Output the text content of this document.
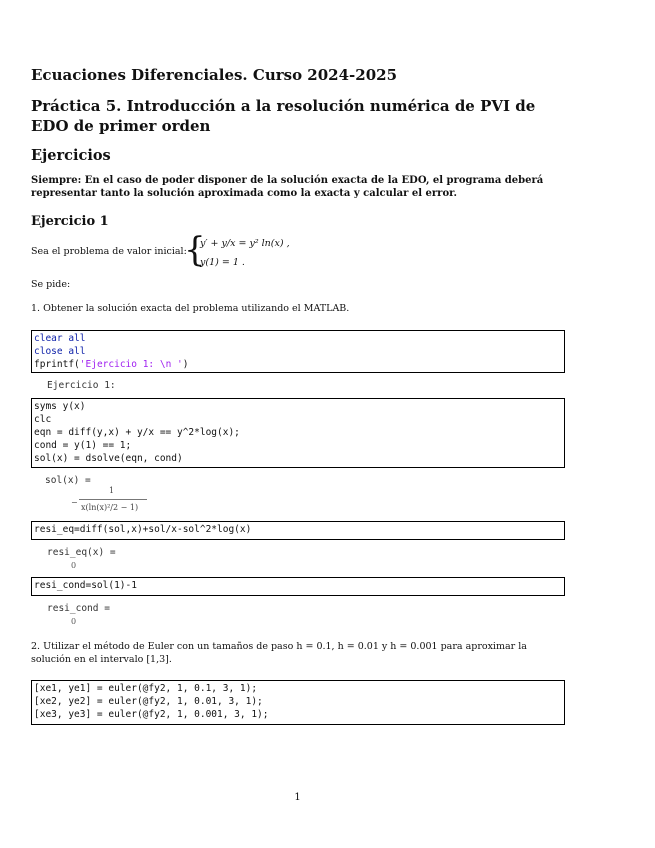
Ecuaciones Diferenciales. Curso 2024-2025
Práctica 5. Introducción a la resolución numérica de PVI de EDO de primer orden
Ejercicios
Siempre: En el caso de poder disponer de la solución exacta de la EDO, el programa deberá representar tanto la solución aproximada como la exacta y calcular el error.
Ejercicio 1
Sea el problema de valor inicial:
{
y′ + y/x = y² ln(x) ,
y(1) = 1 .
Se pide:
1. Obtener la solución exacta del problema utilizando el MATLAB.
clear all
close all
fprintf('Ejercicio 1: \n ')
Ejercicio 1:
syms y(x)
clc
eqn = diff(y,x) + y/x == y^2*log(x);
cond = y(1) == 1;
sol(x) = dsolve(eqn, cond)
sol(x) =
−
1
x(ln(x)²/2 − 1)
resi_eq=diff(sol,x)+sol/x-sol^2*log(x)
resi_eq(x) =
0
resi_cond=sol(1)-1
resi_cond =
0
2. Utilizar el método de Euler con un tamaños de paso h = 0.1, h = 0.01 y h = 0.001 para aproximar la solución en el intervalo [1,3].
[xe1, ye1] = euler(@fy2, 1, 0.1, 3, 1);
[xe2, ye2] = euler(@fy2, 1, 0.01, 3, 1);
[xe3, ye3] = euler(@fy2, 1, 0.001, 3, 1);
1
